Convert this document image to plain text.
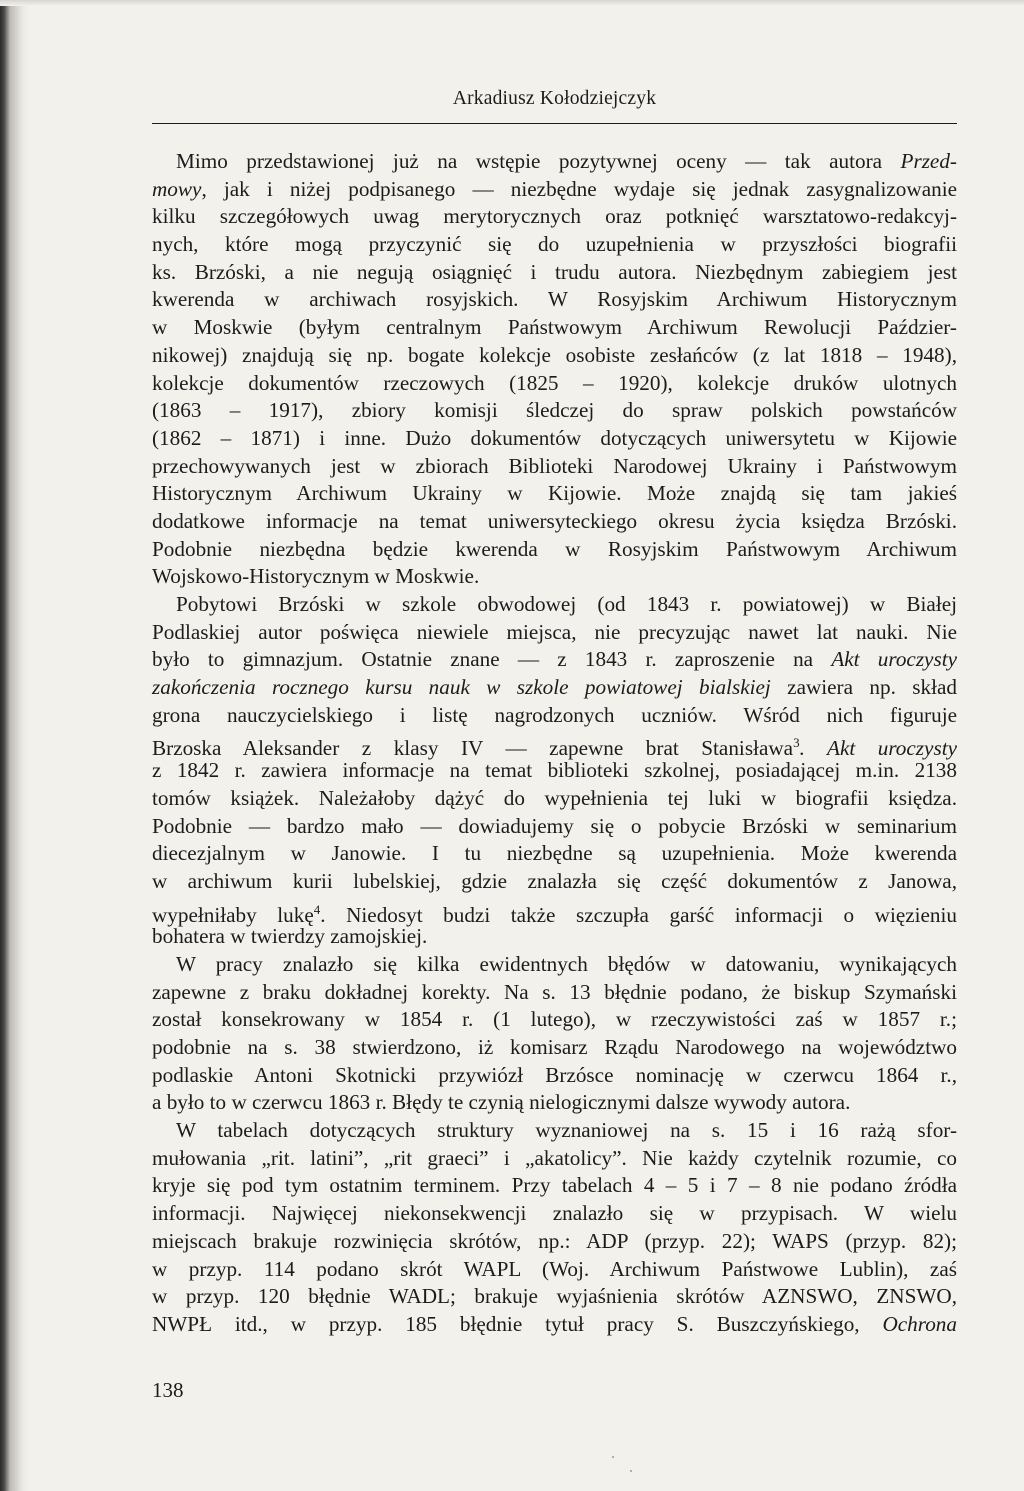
Arkadiusz Kołodziejczyk
Mimo przedstawionej już na wstępie pozytywnej oceny — tak autora Przed-
mowy, jak i niżej podpisanego — niezbędne wydaje się jednak zasygnalizowanie
kilku szczegółowych uwag merytorycznych oraz potknięć warsztatowo-redakcyj-
nych, które mogą przyczynić się do uzupełnienia w przyszłości biografii
ks. Brzóski, a nie negują osiągnięć i trudu autora. Niezbędnym zabiegiem jest
kwerenda w archiwach rosyjskich. W Rosyjskim Archiwum Historycznym
w Moskwie (byłym centralnym Państwowym Archiwum Rewolucji Paździer-
nikowej) znajdują się np. bogate kolekcje osobiste zesłańców (z lat 1818 – 1948),
kolekcje dokumentów rzeczowych (1825 – 1920), kolekcje druków ulotnych
(1863 – 1917), zbiory komisji śledczej do spraw polskich powstańców
(1862 – 1871) i inne. Dużo dokumentów dotyczących uniwersytetu w Kijowie
przechowywanych jest w zbiorach Biblioteki Narodowej Ukrainy i Państwowym
Historycznym Archiwum Ukrainy w Kijowie. Może znajdą się tam jakieś
dodatkowe informacje na temat uniwersyteckiego okresu życia księdza Brzóski.
Podobnie niezbędna będzie kwerenda w Rosyjskim Państwowym Archiwum
Wojskowo-Historycznym w Moskwie.
Pobytowi Brzóski w szkole obwodowej (od 1843 r. powiatowej) w Białej
Podlaskiej autor poświęca niewiele miejsca, nie precyzując nawet lat nauki. Nie
było to gimnazjum. Ostatnie znane — z 1843 r. zaproszenie na Akt uroczysty
zakończenia rocznego kursu nauk w szkole powiatowej bialskiej zawiera np. skład
grona nauczycielskiego i listę nagrodzonych uczniów. Wśród nich figuruje
Brzoska Aleksander z klasy IV — zapewne brat Stanisława$^3$. Akt uroczysty
z 1842 r. zawiera informacje na temat biblioteki szkolnej, posiadającej m.in. 2138
tomów książek. Należałoby dążyć do wypełnienia tej luki w biografii księdza.
Podobnie — bardzo mało — dowiadujemy się o pobycie Brzóski w seminarium
diecezjalnym w Janowie. I tu niezbędne są uzupełnienia. Może kwerenda
w archiwum kurii lubelskiej, gdzie znalazła się część dokumentów z Janowa,
wypełniłaby lukę$^4$. Niedosyt budzi także szczupła garść informacji o więzieniu
bohatera w twierdzy zamojskiej.
W pracy znalazło się kilka ewidentnych błędów w datowaniu, wynikających
zapewne z braku dokładnej korekty. Na s. 13 błędnie podano, że biskup Szymański
został konsekrowany w 1854 r. (1 lutego), w rzeczywistości zaś w 1857 r.;
podobnie na s. 38 stwierdzono, iż komisarz Rządu Narodowego na województwo
podlaskie Antoni Skotnicki przywiózł Brzósce nominację w czerwcu 1864 r.,
a było to w czerwcu 1863 r. Błędy te czynią nielogicznymi dalsze wywody autora.
W tabelach dotyczących struktury wyznaniowej na s. 15 i 16 rażą sfor-
mułowania „rit. latini”, „rit graeci” i „akatolicy”. Nie każdy czytelnik rozumie, co
kryje się pod tym ostatnim terminem. Przy tabelach 4 – 5 i 7 – 8 nie podano źródła
informacji. Najwięcej niekonsekwencji znalazło się w przypisach. W wielu
miejscach brakuje rozwinięcia skrótów, np.: ADP (przyp. 22); WAPS (przyp. 82);
w przyp. 114 podano skrót WAPL (Woj. Archiwum Państwowe Lublin), zaś
w przyp. 120 błędnie WADL; brakuje wyjaśnienia skrótów AZNSWO, ZNSWO,
NWPŁ itd., w przyp. 185 błędnie tytuł pracy S. Buszczyńskiego, Ochrona
138
